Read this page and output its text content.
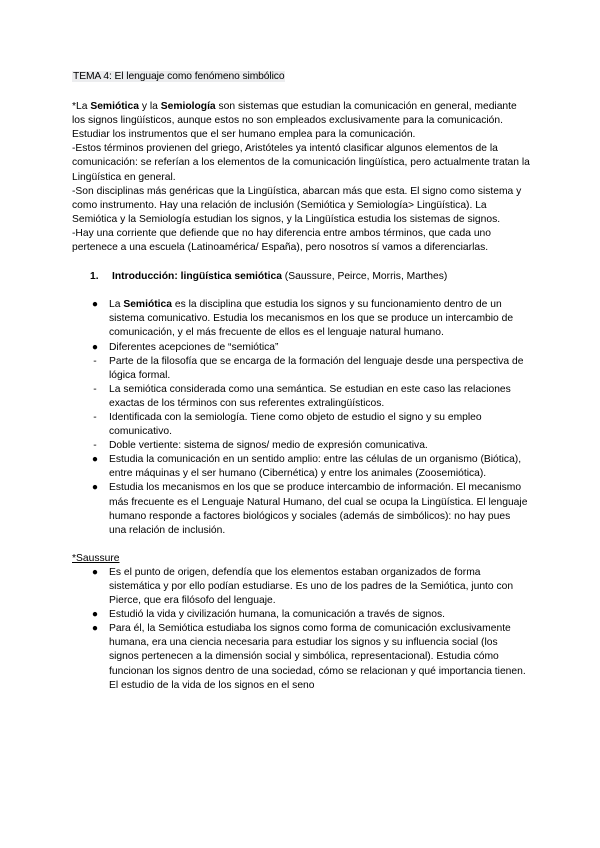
TEMA 4: El lenguaje como fenómeno simbólico

*La Semiótica y la Semiología son sistemas que estudian la comunicación en general, mediante los signos lingüísticos, aunque estos no son empleados exclusivamente para la comunicación. Estudiar los instrumentos que el ser humano emplea para la comunicación.

-Estos términos provienen del griego, Aristóteles ya intentó clasificar algunos elementos de la comunicación: se referían a los elementos de la comunicación lingüística, pero actualmente tratan la Lingüística en general.

-Son disciplinas más genéricas que la Lingüística, abarcan más que esta. El signo como sistema y como instrumento. Hay una relación de inclusión (Semiótica y Semiología> Lingüística). La Semiótica y la Semiología estudian los signos, y la Lingüística estudia los sistemas de signos.

-Hay una corriente que defiende que no hay diferencia entre ambos términos, que cada uno pertenece a una escuela (Latinoamérica/ España), pero nosotros sí vamos a diferenciarlas.

1. Introducción: lingüística semiótica (Saussure, Peirce, Morris, Marthes)
● La Semiótica es la disciplina que estudia los signos y su funcionamiento dentro de un sistema comunicativo. Estudia los mecanismos en los que se produce un intercambio de comunicación, y el más frecuente de ellos es el lenguaje natural humano.
● Diferentes acepciones de “semiótica”
-	Parte de la filosofía que se encarga de la formación del lenguaje desde una perspectiva de lógica formal.
-	La semiótica considerada como una semántica. Se estudian en este caso las relaciones exactas de los términos con sus referentes extralingüísticos.
-	Identificada con la semiología. Tiene como objeto de estudio el signo y su empleo comunicativo.
-	Doble vertiente: sistema de signos/ medio de expresión comunicativa.
● Estudia la comunicación en un sentido amplio: entre las células de un organismo (Biótica), entre máquinas y el ser humano (Cibernética) y entre los animales (Zoosemiótica).
● Estudia los mecanismos en los que se produce intercambio de información. El mecanismo más frecuente es el Lenguaje Natural Humano, del cual se ocupa la Lingüística. El lenguaje humano responde a factores biológicos y sociales (además de simbólicos): no hay pues una relación de inclusión.
*Saussure
● Es el punto de origen, defendía que los elementos estaban organizados de forma sistemática y por ello podían estudiarse. Es uno de los padres de la Semiótica, junto con Pierce, que era filósofo del lenguaje.
● Estudió la vida y civilización humana, la comunicación a través de signos.
● Para él, la Semiótica estudiaba los signos como forma de comunicación exclusivamente humana, era una ciencia necesaria para estudiar los signos y su influencia social (los signos pertenecen a la dimensión social y simbólica, representacional). Estudia cómo funcionan los signos dentro de una sociedad, cómo se relacionan y qué importancia tienen. El estudio de la vida de los signos en el seno
